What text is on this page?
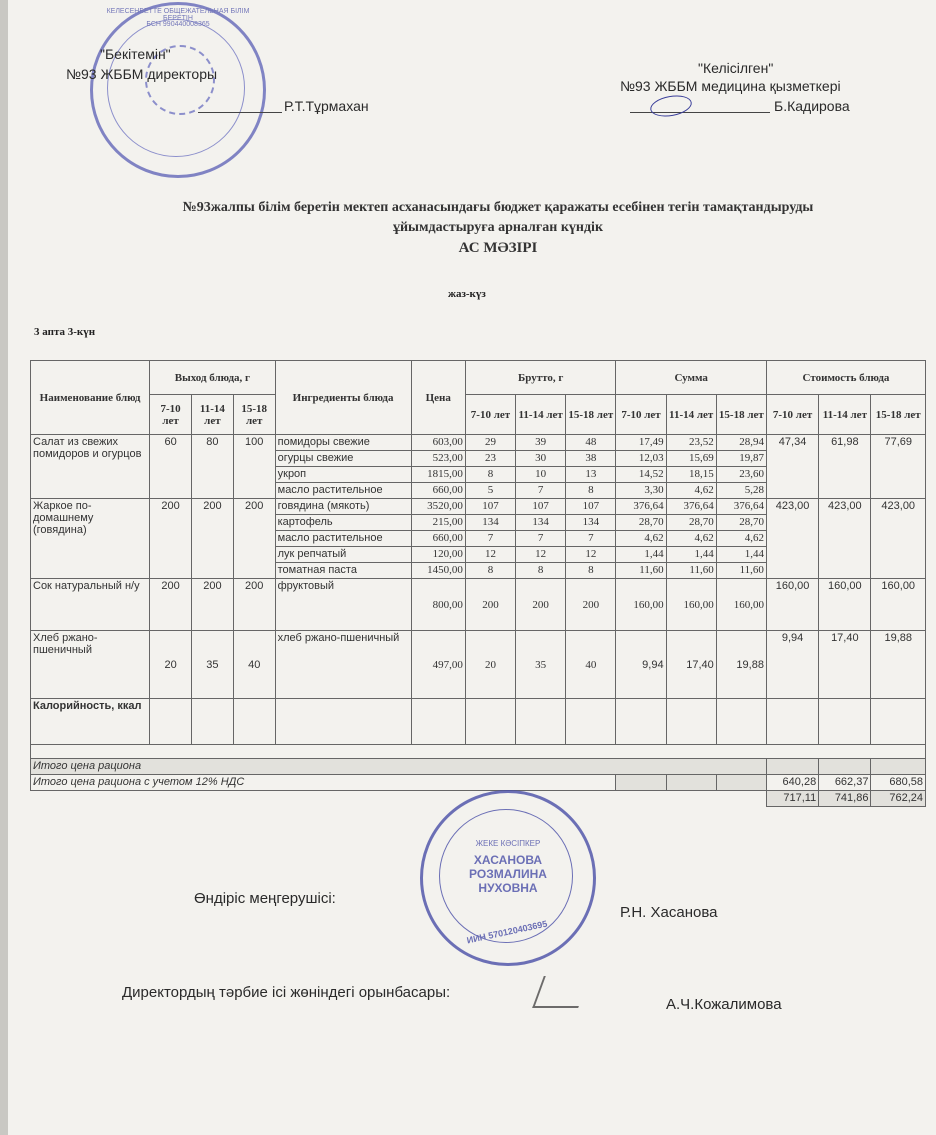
КЕЛЕСЕНБЕТТЕ ОБЩЕЖАТЕЛЬНАЯ БІЛІМ БЕРЕТІН
БСН 990440008365
"Бекітемін"
№93 ЖББМ директоры
Р.Т.Тұрмахан
"Келісілген"
№93 ЖББМ медицина қызметкері
Б.Кадирова
№93жалпы білім беретін мектеп асханасындағы бюджет қаражаты есебінен тегін тамақтандыруды
ұйымдастыруға арналған күндік
АС МӘЗІРІ
жаз-күз
3 апта 3-күн
Наименование блюд	Выход блюда, г			Ингредиенты блюда	Цена	Брутто, г			Сумма			Стоимость блюда		
	7-10 лет	11-14 лет	15-18 лет			7-10 лет	11-14 лет	15-18 лет	7-10 лет	11-14 лет	15-18 лет	7-10 лет	11-14 лет	15-18 лет
Салат из свежих помидоров и огурцов	60	80	100	помидоры свежие	603,00	29	39	48	17,49	23,52	28,94	47,34	61,98	77,69
				огурцы свежие	523,00	23	30	38	12,03	15,69	19,87			
				укроп	1815,00	8	10	13	14,52	18,15	23,60			
				масло растительное	660,00	5	7	8	3,30	4,62	5,28			
Жаркое по-домашнему (говядина)	200	200	200	говядина (мякоть)	3520,00	107	107	107	376,64	376,64	376,64	423,00	423,00	423,00
				картофель	215,00	134	134	134	28,70	28,70	28,70			
				масло растительное	660,00	7	7	7	4,62	4,62	4,62			
				лук репчатый	120,00	12	12	12	1,44	1,44	1,44			
				томатная паста	1450,00	8	8	8	11,60	11,60	11,60			
Сок натуральный н/у	200	200	200	фруктовый	800,00	200	200	200	160,00	160,00	160,00	160,00	160,00	160,00
Хлеб ржано-пшеничный	20	35	40	хлеб ржано-пшеничный	497,00	20	35	40	9,94	17,40	19,88	9,94	17,40	19,88
Калорийность, ккал														

Итого цена рациона														
Итого цена рациона с учетом 12% НДС												640,28	662,37	680,58
												717,11	741,86	762,24
ЖЕКЕ КӘСІПКЕР
ХАСАНОВА
РОЗМАЛИНА
НУХОВНА
ИИН 570120403695
Өндіріс меңгерушісі:
Р.Н. Хасанова
Директордың тәрбие ісі жөніндегі орынбасары:
А.Ч.Кожалимова
